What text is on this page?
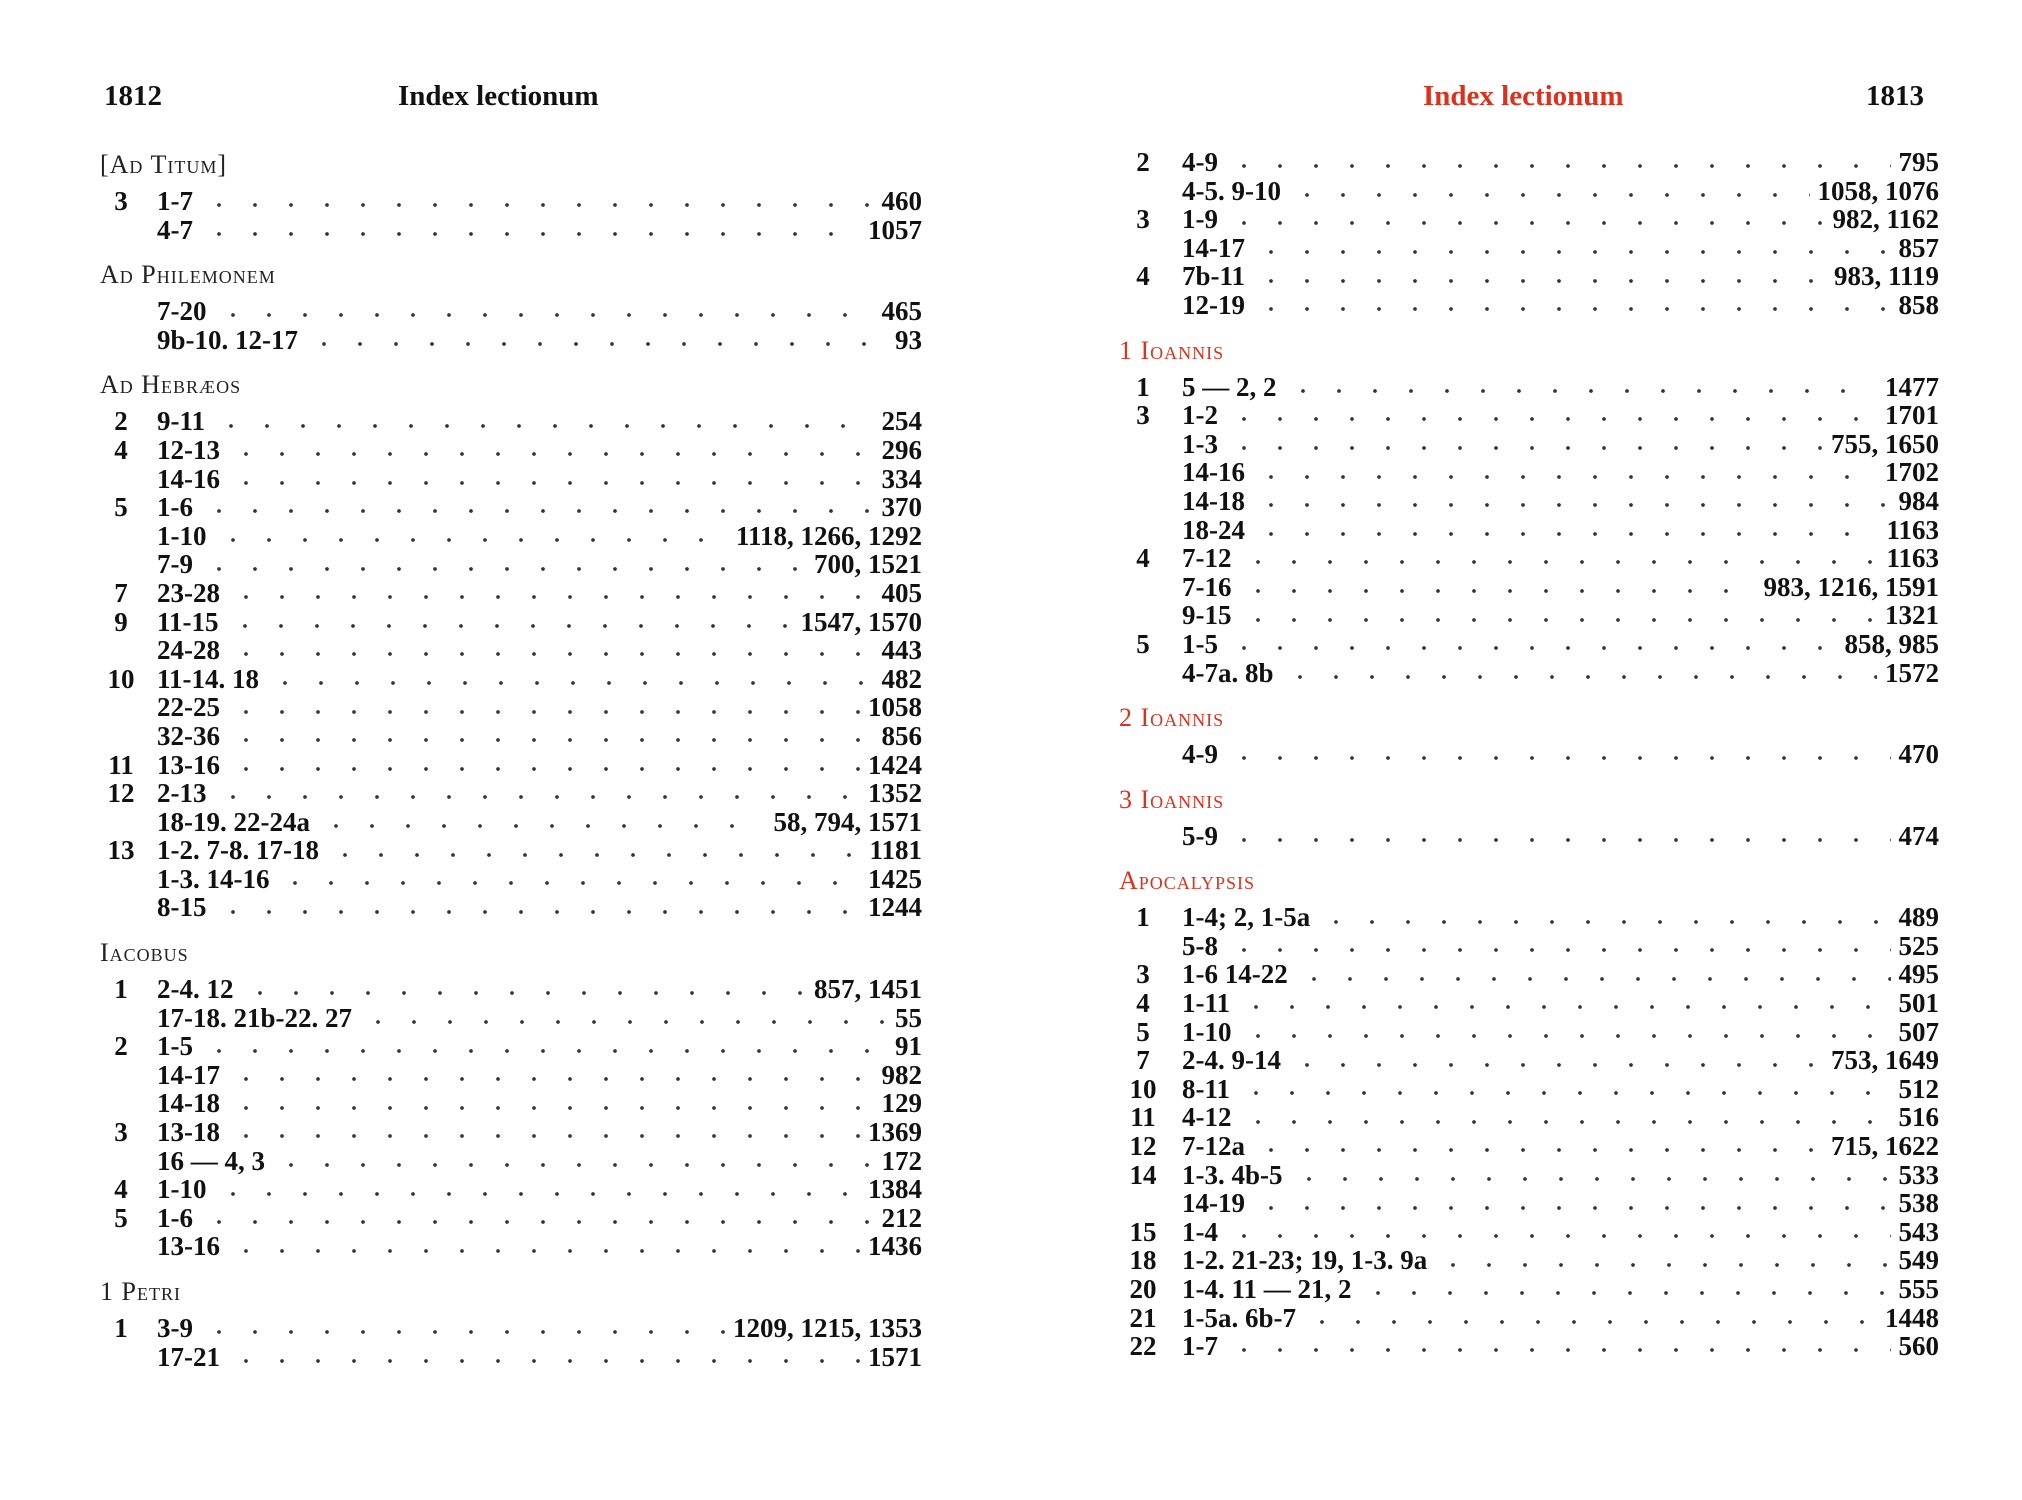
1812	Index lectionum
[Ad Titum]
3	1-7	460
4-7	1057
Ad Philemonem
7-20	465
9b-10. 12-17	93
Ad Hebræos
2	9-11	254
4	12-13	296
14-16	334
5	1-6	370
1-10	1118, 1266, 1292
7-9	700, 1521
7	23-28	405
9	11-15	1547, 1570
24-28	443
10 11-14. 18	482
22-25	1058
32-36	856
11 13-16	1424
12 2-13	1352
18-19. 22-24a	58, 794, 1571
13 1-2. 7-8. 17-18	1181
1-3. 14-16	1425
8-15	1244
Iacobus
1	2-4. 12	857, 1451
17-18. 21b-22. 27	55
2	1-5	91
14-17	982
14-18	129
3	13-18	1369
16 — 4, 3	172
4	1-10	1384
5	1-6	212
13-16	1436
1 Petri
1	3-9	1209, 1215, 1353
17-21	1571
Index lectionum	1813
2	4-9	795
4-5. 9-10	1058, 1076
3	1-9	982, 1162
14-17	857
4	7b-11	983, 1119
12-19	858
1 Ioannis
1	5 — 2, 2	1477
3	1-2	1701
1-3	755, 1650
14-16	1702
14-18	984
18-24	1163
4	7-12	1163
7-16	983, 1216, 1591
9-15	1321
5	1-5	858, 985
4-7a. 8b	1572
2 Ioannis
4-9	470
3 Ioannis
5-9	474
Apocalypsis
1	1-4; 2, 1-5a	489
5-8	525
3	1-6 14-22	495
4	1-11	501
5	1-10	507
7	2-4. 9-14	753, 1649
10 8-11	512
11 4-12	516
12 7-12a	715, 1622
14 1-3. 4b-5	533
14-19	538
15 1-4	543
18 1-2. 21-23; 19, 1-3. 9a	549
20 1-4. 11 — 21, 2	555
21 1-5a. 6b-7	1448
22 1-7	560
